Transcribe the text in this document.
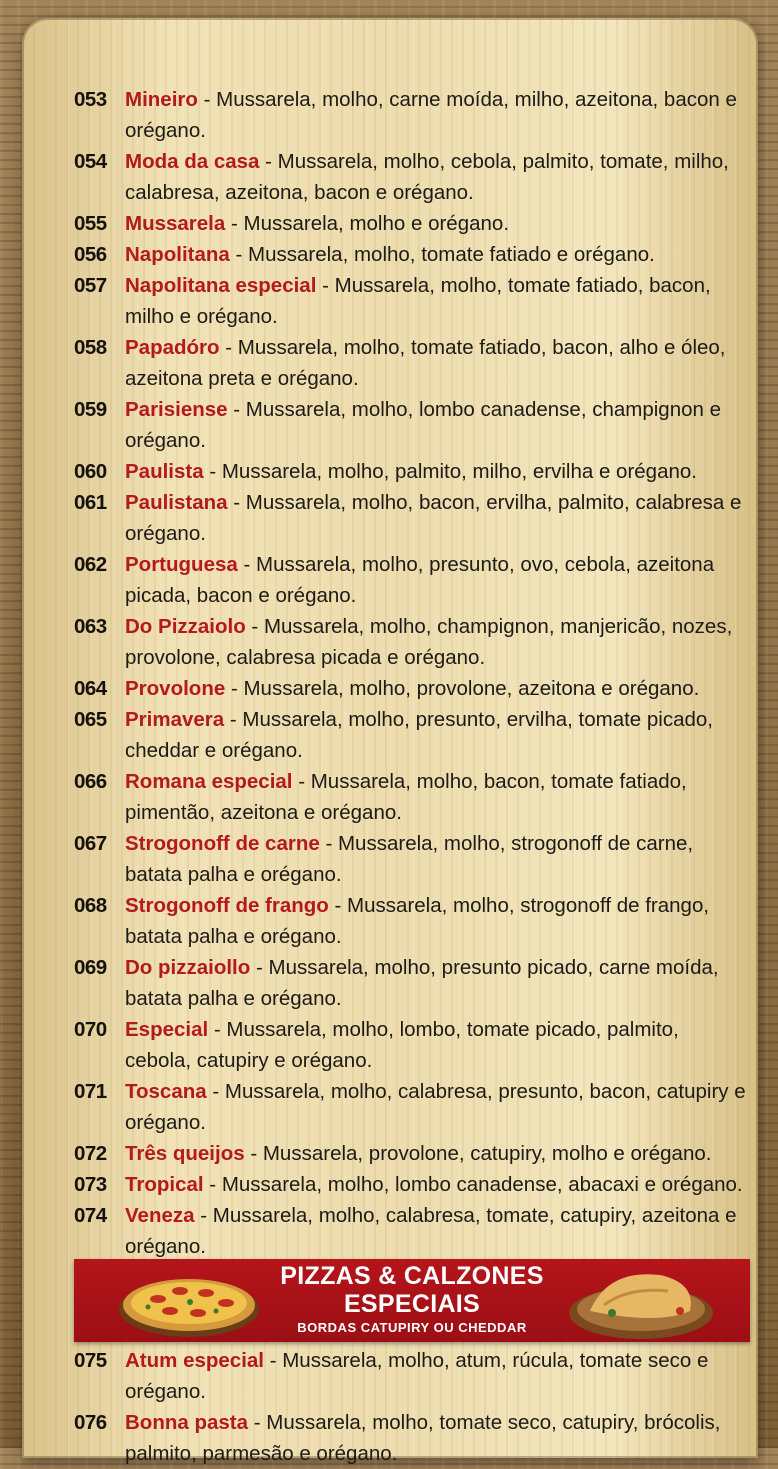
053 Mineiro - Mussarela, molho, carne moída, milho, azeitona, bacon e orégano.
054 Moda da casa - Mussarela, molho, cebola, palmito, tomate, milho, calabresa, azeitona, bacon e orégano.
055 Mussarela - Mussarela, molho e orégano.
056 Napolitana - Mussarela, molho, tomate fatiado e orégano.
057 Napolitana especial - Mussarela, molho, tomate fatiado, bacon, milho e orégano.
058 Papadóro - Mussarela, molho, tomate fatiado, bacon, alho e óleo, azeitona preta e orégano.
059 Parisiense - Mussarela, molho, lombo canadense, champignon e orégano.
060 Paulista - Mussarela, molho, palmito, milho, ervilha e orégano.
061 Paulistana - Mussarela, molho, bacon, ervilha, palmito, calabresa e orégano.
062 Portuguesa - Mussarela, molho, presunto, ovo, cebola, azeitona picada, bacon e orégano.
063 Do Pizzaiolo - Mussarela, molho, champignon, manjericão, nozes, provolone, calabresa picada e orégano.
064 Provolone - Mussarela, molho, provolone, azeitona e orégano.
065 Primavera - Mussarela, molho, presunto, ervilha, tomate picado, cheddar e orégano.
066 Romana especial - Mussarela, molho, bacon, tomate fatiado, pimentão, azeitona e orégano.
067 Strogonoff de carne - Mussarela, molho, strogonoff de carne, batata palha e orégano.
068 Strogonoff de frango - Mussarela, molho, strogonoff de frango, batata palha e orégano.
069 Do pizzaiollo - Mussarela, molho, presunto picado, carne moída, batata palha e orégano.
070 Especial - Mussarela, molho, lombo, tomate picado, palmito, cebola, catupiry e orégano.
071 Toscana - Mussarela, molho, calabresa, presunto, bacon, catupiry e orégano.
072 Três queijos - Mussarela, provolone, catupiry, molho e orégano.
073 Tropical - Mussarela, molho, lombo canadense, abacaxi e orégano.
074 Veneza - Mussarela, molho, calabresa, tomate, catupiry, azeitona e orégano.
PIZZAS & CALZONES
ESPECIAIS
BORDAS CATUPIRY OU CHEDDAR
075 Atum especial - Mussarela, molho, atum, rúcula, tomate seco e orégano.
076 Bonna pasta - Mussarela, molho, tomate seco, catupiry, brócolis, palmito, parmesão e orégano.
